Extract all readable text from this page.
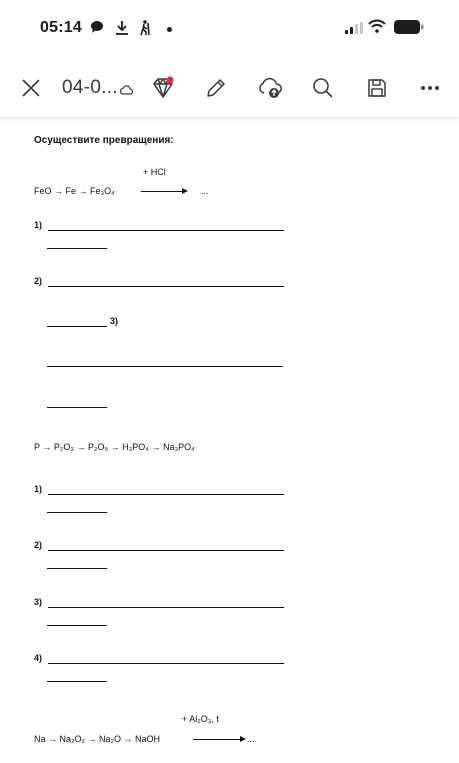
05:14
04-0...
Осуществите превращения:
+ HCl
FeO → Fe → Fe₃O₄	...
1)
2)
3)
P → P₂O₃ → P₂O₅ → H₃PO₄ → Na₃PO₄
1)
2)
3)
4)
+ Al₂O₃, t
Na → Na₂O₂ → Na₂O → NaOH	...
